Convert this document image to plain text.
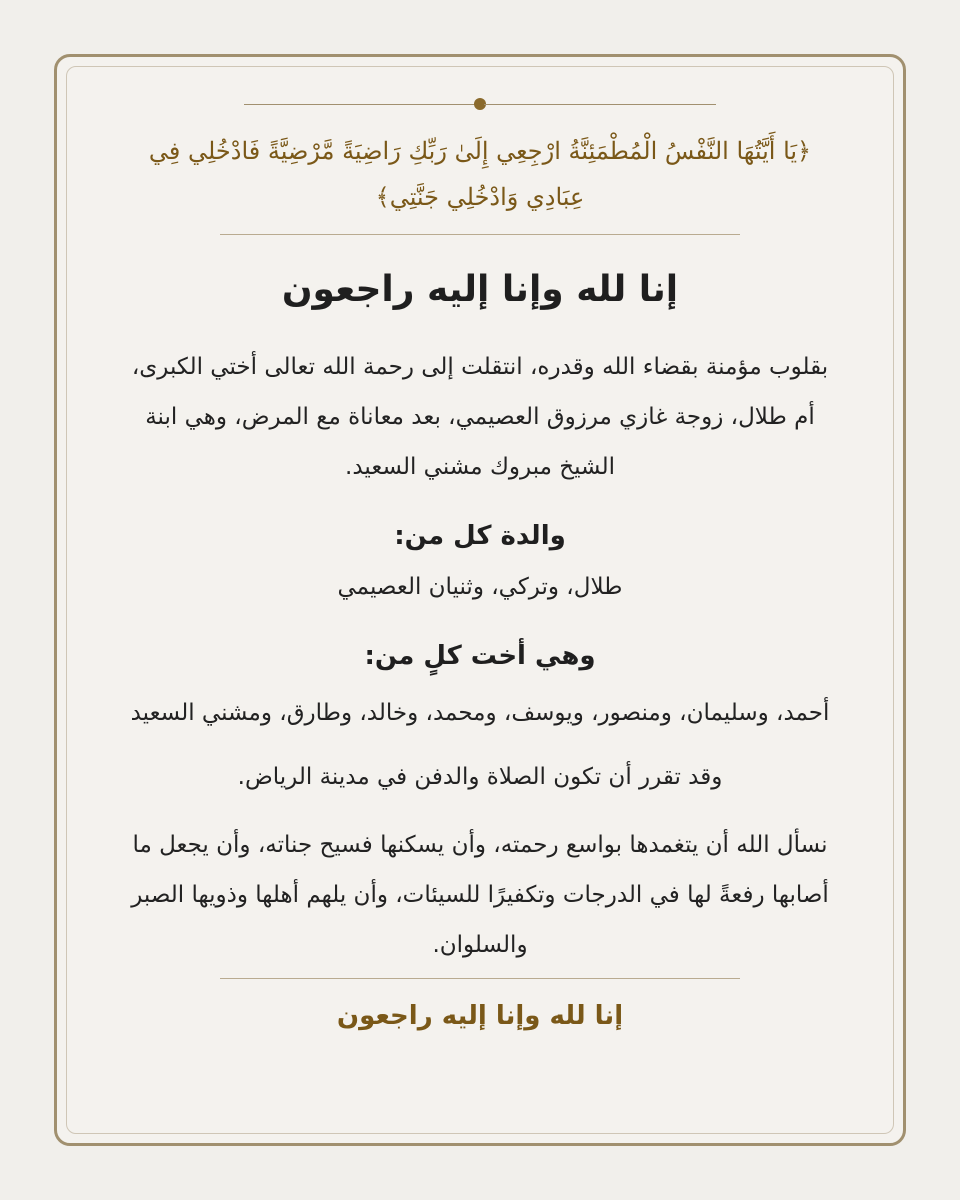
﴿يَا أَيَّتُهَا النَّفْسُ الْمُطْمَئِنَّةُ ارْجِعِي إِلَىٰ رَبِّكِ رَاضِيَةً مَّرْضِيَّةً فَادْخُلِي فِي عِبَادِي وَادْخُلِي جَنَّتِي﴾
إنا لله وإنا إليه راجعون
بقلوب مؤمنة بقضاء الله وقدره، انتقلت إلى رحمة الله تعالى أختي الكبرى، أم طلال، زوجة غازي مرزوق العصيمي، بعد معاناة مع المرض، وهي ابنة الشيخ مبروك مشني السعيد.
والدة كل من:
طلال، وتركي، وثنيان العصيمي
وهي أخت كلٍ من:
أحمد، وسليمان، ومنصور، ويوسف، ومحمد، وخالد، وطارق، ومشني السعيد
وقد تقرر أن تكون الصلاة والدفن في مدينة الرياض.
نسأل الله أن يتغمدها بواسع رحمته، وأن يسكنها فسيح جناته، وأن يجعل ما أصابها رفعةً لها في الدرجات وتكفيرًا للسيئات، وأن يلهم أهلها وذويها الصبر والسلوان.
إنا لله وإنا إليه راجعون
